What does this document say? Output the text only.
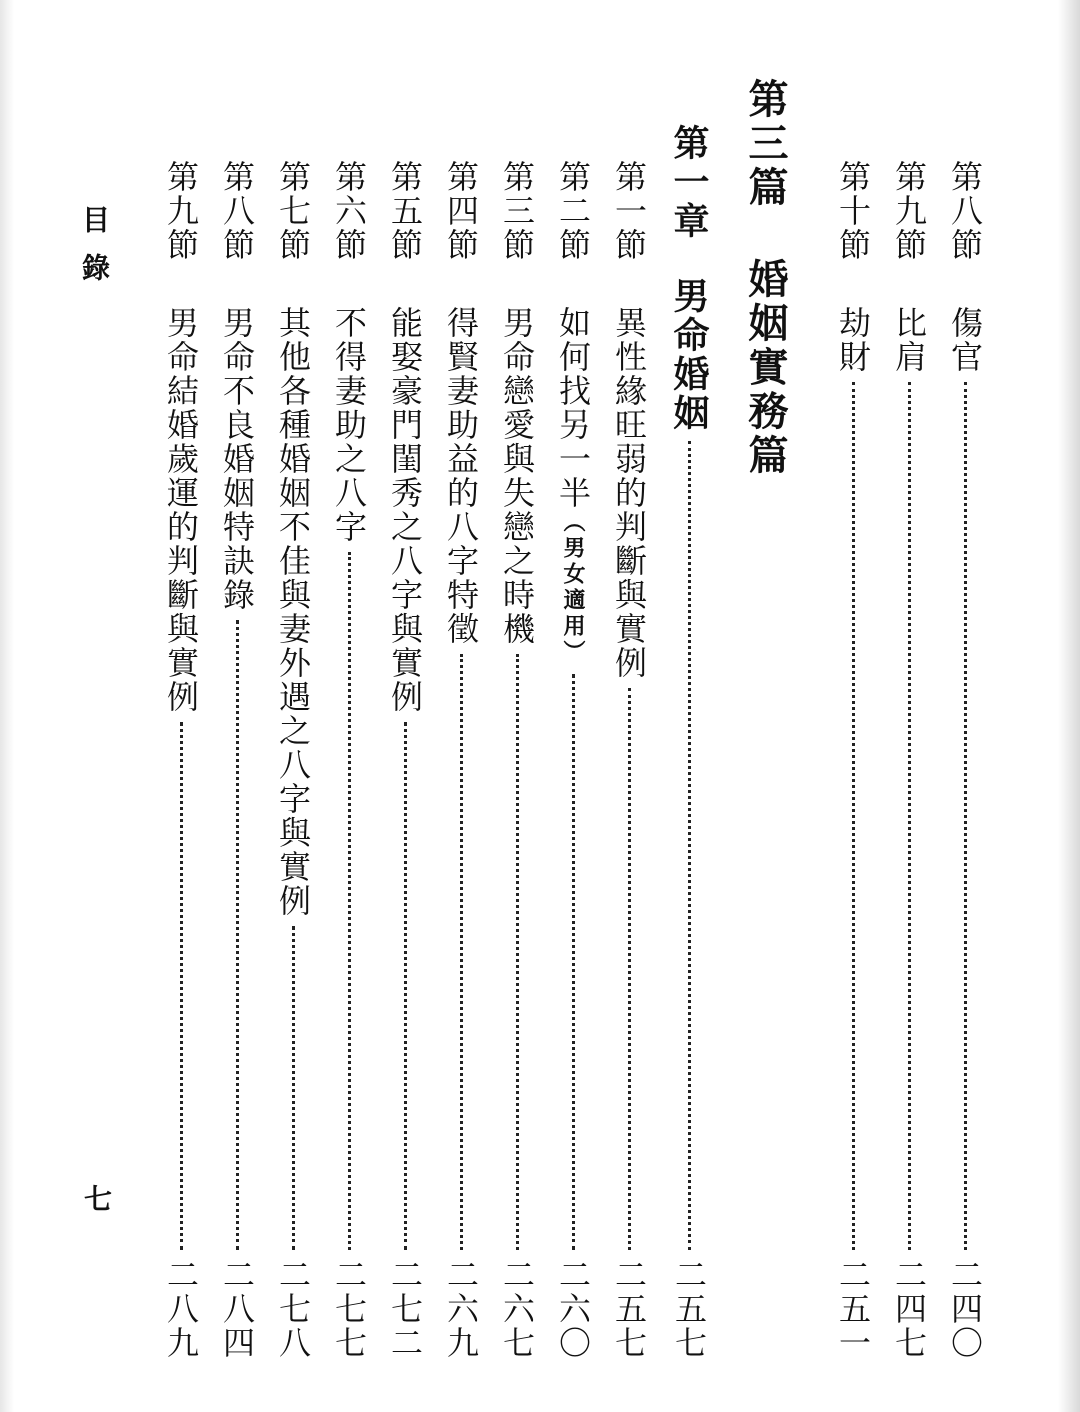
第八節
傷官
二四〇
第九節
比肩
二四七
第十節
劫財
二五一
第三篇
婚姻實務篇
第一章
男命婚姻
二五七
第一節
異性緣旺弱的判斷與實例
二五七
第二節
如何找另一半
（男女適用）
二六〇
第三節
男命戀愛與失戀之時機
二六七
第四節
得賢妻助益的八字特徵
二六九
第五節
能娶豪門閨秀之八字與實例
二七二
第六節
不得妻助之八字
二七七
第七節
其他各種婚姻不佳與妻外遇之八字與實例
二七八
第八節
男命不良婚姻特訣錄
二八四
第九節
男命結婚歲運的判斷與實例
二八九
目錄
七
